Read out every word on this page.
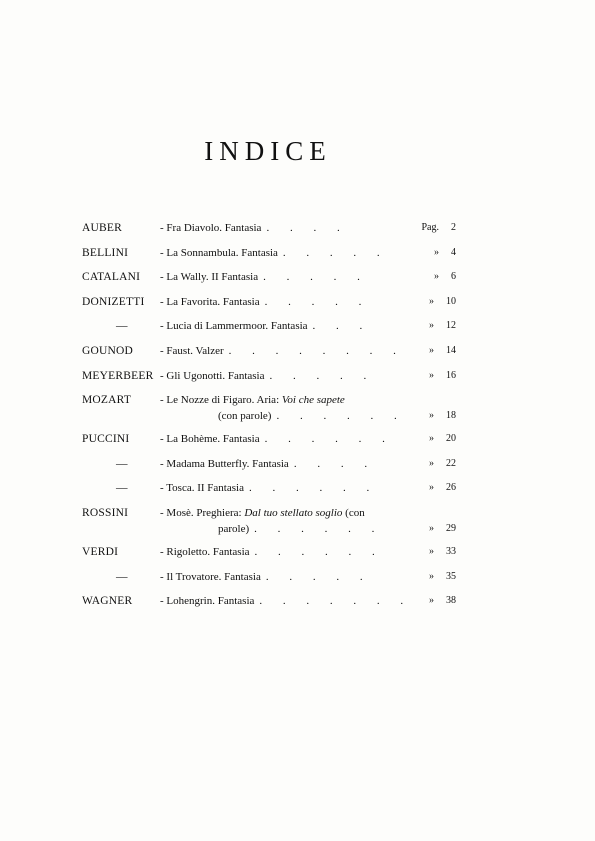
INDICE
AUBER	- Fra Diavolo. Fantasia . . . .	Pag. 2
BELLINI	- La Sonnambula. Fantasia . . . . .	» 4
CATALANI	- La Wally. II Fantasia . . . . .	» 6
DONIZETTI	- La Favorita. Fantasia . . . . .	» 10
—	- Lucia di Lammermoor. Fantasia . . .	» 12
GOUNOD	- Faust. Valzer . . . . . . . .	» 14
MEYERBEER - Gli Ugonotti. Fantasia . . . . .	» 16
MOZART	- Le Nozze di Figaro. Aria: Voi che sapete
(con parole) . . . . . .	» 18
PUCCINI	- La Bohème. Fantasia . . . . . .	» 20
—	- Madama Butterfly. Fantasia . . . .	» 22
—	- Tosca. II Fantasia . . . . . .	» 26
ROSSINI	- Mosè. Preghiera: Dal tuo stellato soglio (con
parole) . . . . . .	» 29
VERDI	- Rigoletto. Fantasia . . . . . .	» 33
—	- Il Trovatore. Fantasia . . . . .	» 35
WAGNER	- Lohengrin. Fantasia . . . . . . .	» 38
